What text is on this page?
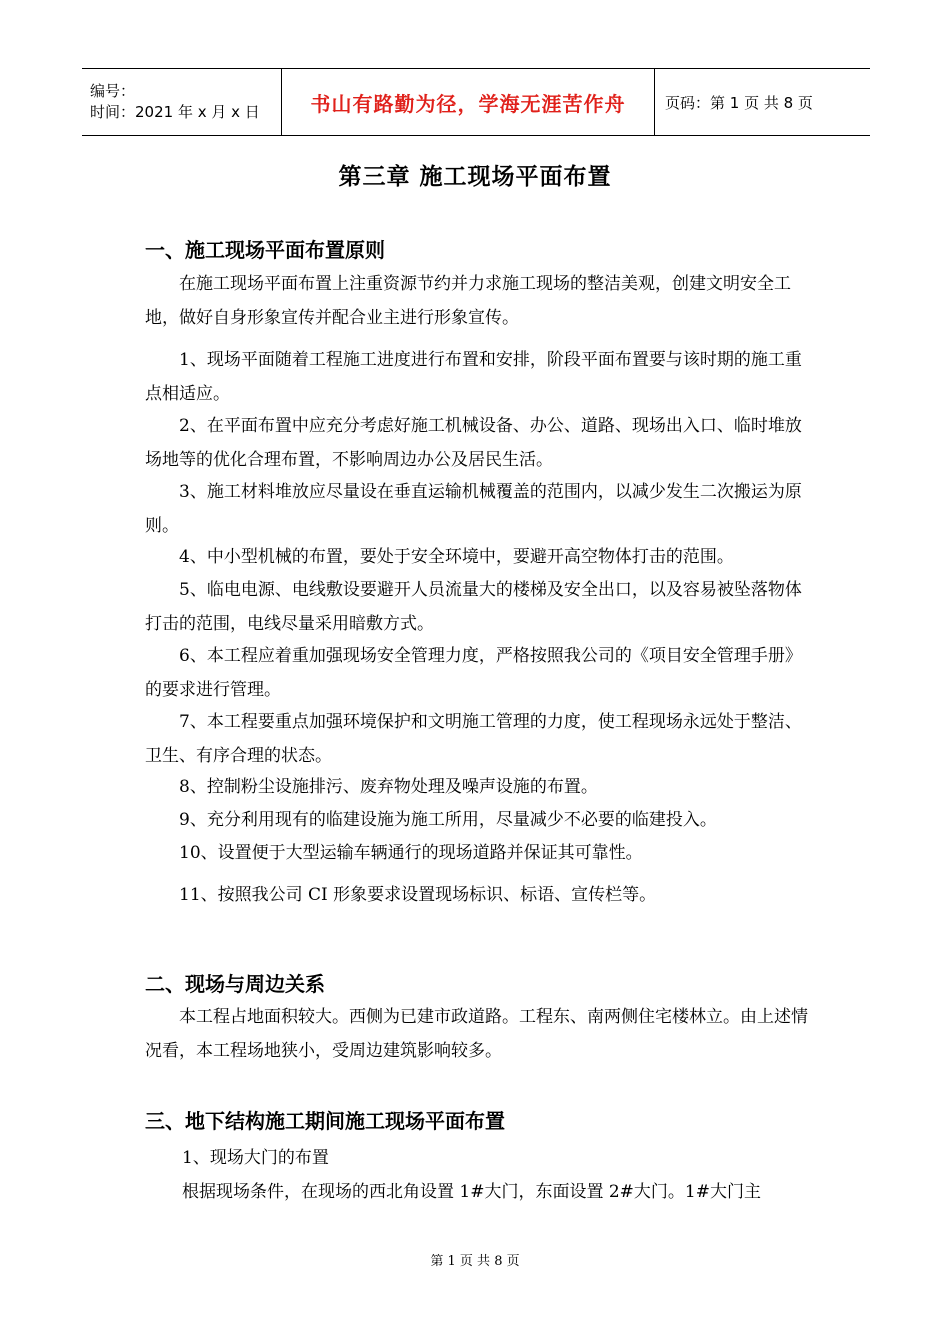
编号：
时间：2021 年 x 月 x 日	书山有路勤为径，学海无涯苦作舟	页码：第 1 页 共 8 页
第三章 施工现场平面布置
一、施工现场平面布置原则
在施工现场平面布置上注重资源节约并力求施工现场的整洁美观，创建文明安全工地，做好自身形象宣传并配合业主进行形象宣传。
1、现场平面随着工程施工进度进行布置和安排，阶段平面布置要与该时期的施工重点相适应。
2、在平面布置中应充分考虑好施工机械设备、办公、道路、现场出入口、临时堆放场地等的优化合理布置，不影响周边办公及居民生活。
3、施工材料堆放应尽量设在垂直运输机械覆盖的范围内，以减少发生二次搬运为原则。
4、中小型机械的布置，要处于安全环境中，要避开高空物体打击的范围。
5、临电电源、电线敷设要避开人员流量大的楼梯及安全出口，以及容易被坠落物体打击的范围，电线尽量采用暗敷方式。
6、本工程应着重加强现场安全管理力度，严格按照我公司的《项目安全管理手册》的要求进行管理。
7、本工程要重点加强环境保护和文明施工管理的力度，使工程现场永远处于整洁、卫生、有序合理的状态。
8、控制粉尘设施排污、废弃物处理及噪声设施的布置。
9、充分利用现有的临建设施为施工所用，尽量减少不必要的临建投入。
10、设置便于大型运输车辆通行的现场道路并保证其可靠性。
11、按照我公司 CI 形象要求设置现场标识、标语、宣传栏等。
二、现场与周边关系
本工程占地面积较大。西侧为已建市政道路。工程东、南两侧住宅楼林立。由上述情况看，本工程场地狭小，受周边建筑影响较多。
三、地下结构施工期间施工现场平面布置
1、现场大门的布置
根据现场条件，在现场的西北角设置 1#大门，东面设置 2#大门。1#大门主
第 1 页 共 8 页
